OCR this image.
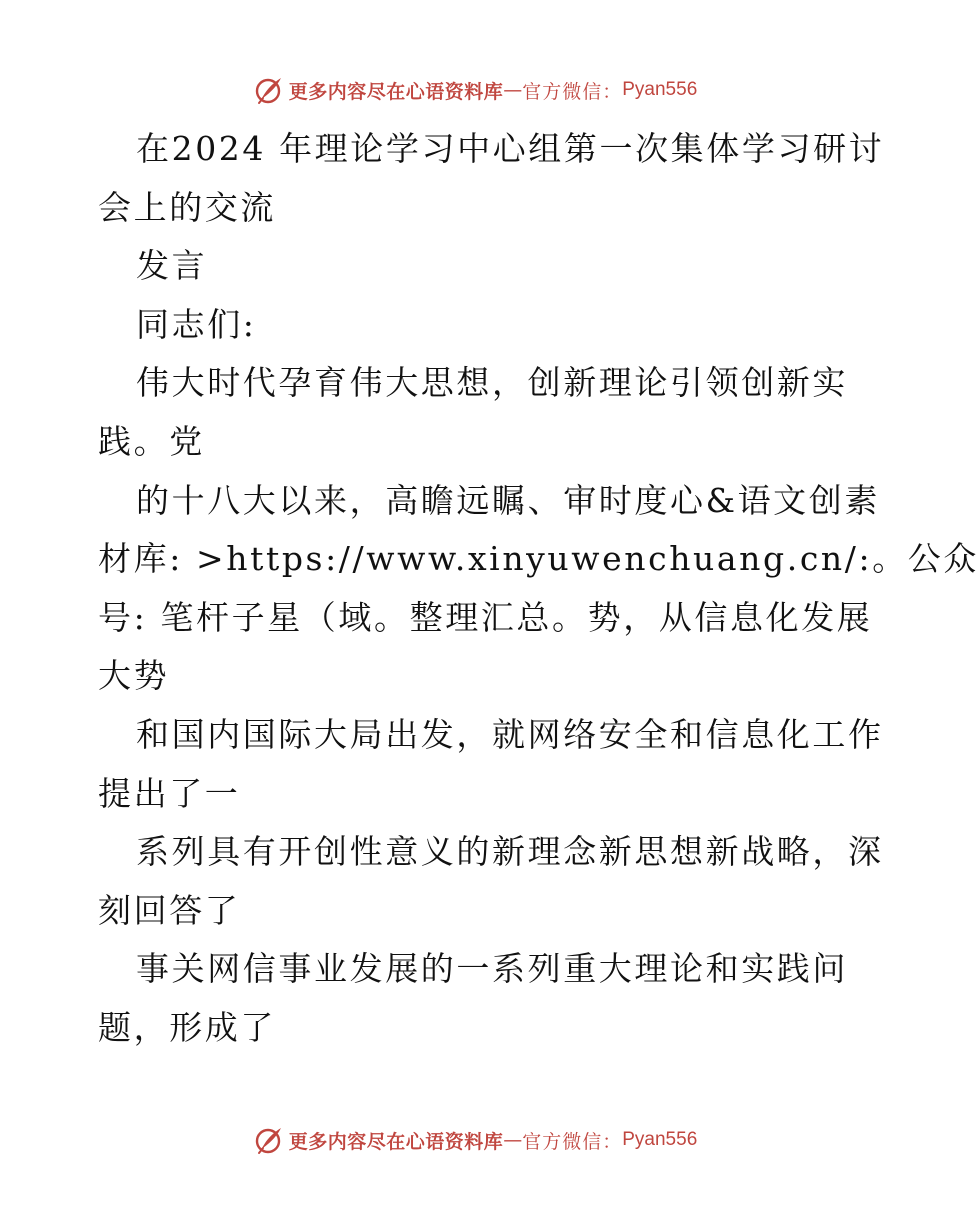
更多内容尽在心语资料库 — 官方微信： Pyan556
在2024 年理论学习中心组第一次集体学习研讨
会上的交流
发言
同志们:
伟大时代孕育伟大思想，创新理论引领创新实
践。党
的十八大以来，高瞻远瞩、审时度心&语文创素
材库: >https://www.xinyuwenchuang.cn/:。公众
号: 笔杆子星（域。整理汇总。势，从信息化发展
大势
和国内国际大局出发，就网络安全和信息化工作
提出了一
系列具有开创性意义的新理念新思想新战略，深
刻回答了
事关网信事业发展的一系列重大理论和实践问
题，形成了
更多内容尽在心语资料库 — 官方微信： Pyan556
